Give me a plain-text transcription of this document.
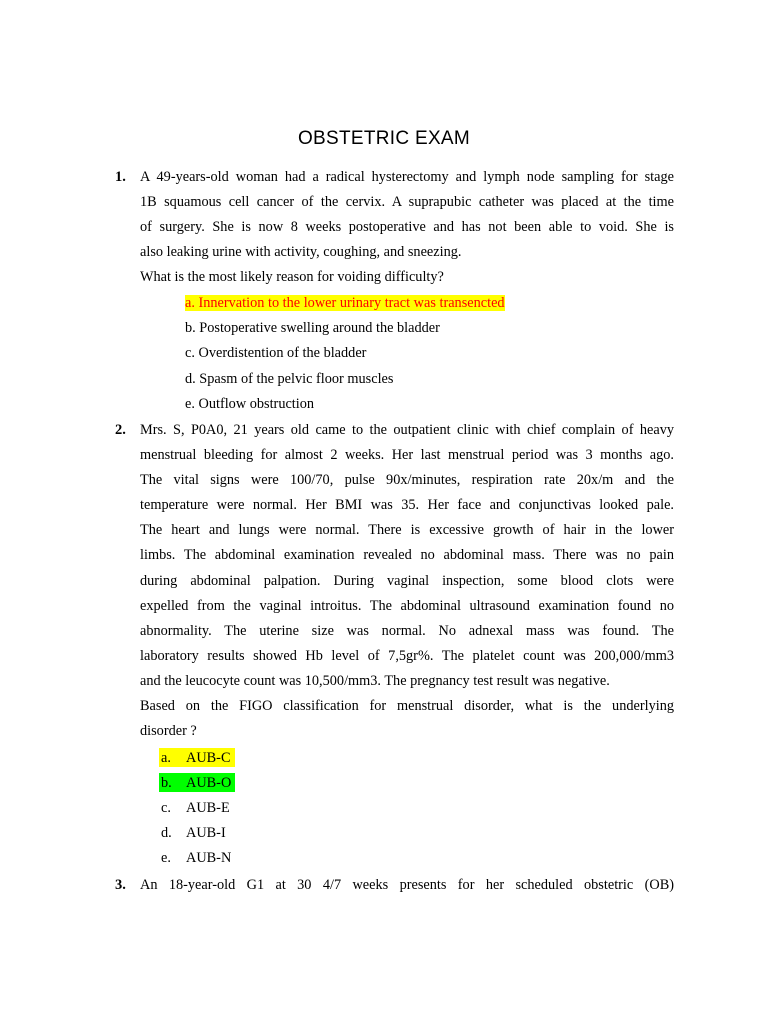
OBSTETRIC EXAM
1. A 49-years-old woman had a radical hysterectomy and lymph node sampling for stage
1B squamous cell cancer of the cervix. A suprapubic catheter was placed at the time
of surgery. She is now 8 weeks postoperative and has not been able to void. She is
also leaking urine with activity, coughing, and sneezing.
What is the most likely reason for voiding difficulty?
a. Innervation to the lower urinary tract was transencted
b. Postoperative swelling around the bladder
c. Overdistention of the bladder
d. Spasm of the pelvic floor muscles
e. Outflow obstruction
2. Mrs. S, P0A0, 21 years old came to the outpatient clinic with chief complain of heavy
menstrual bleeding for almost 2 weeks. Her last menstrual period was 3 months ago.
The vital signs were 100/70, pulse 90x/minutes, respiration rate 20x/m and the
temperature were normal. Her BMI was 35. Her face and conjunctivas looked pale.
The heart and lungs were normal. There is excessive growth of hair in the lower
limbs. The abdominal examination revealed no abdominal mass. There was no pain
during abdominal palpation. During vaginal inspection, some blood clots were
expelled from the vaginal introitus. The abdominal ultrasound examination found no
abnormality. The uterine size was normal. No adnexal mass was found. The
laboratory results showed Hb level of 7,5gr%. The platelet count was 200,000/mm3
and the leucocyte count was 10,500/mm3. The pregnancy test result was negative.
Based on the FIGO classification for menstrual disorder, what is the underlying
disorder ?
a. AUB-C
b. AUB-O
c. AUB-E
d. AUB-I
e. AUB-N
3. An 18-year-old G1 at 30 4/7 weeks presents for her scheduled obstetric (OB)
